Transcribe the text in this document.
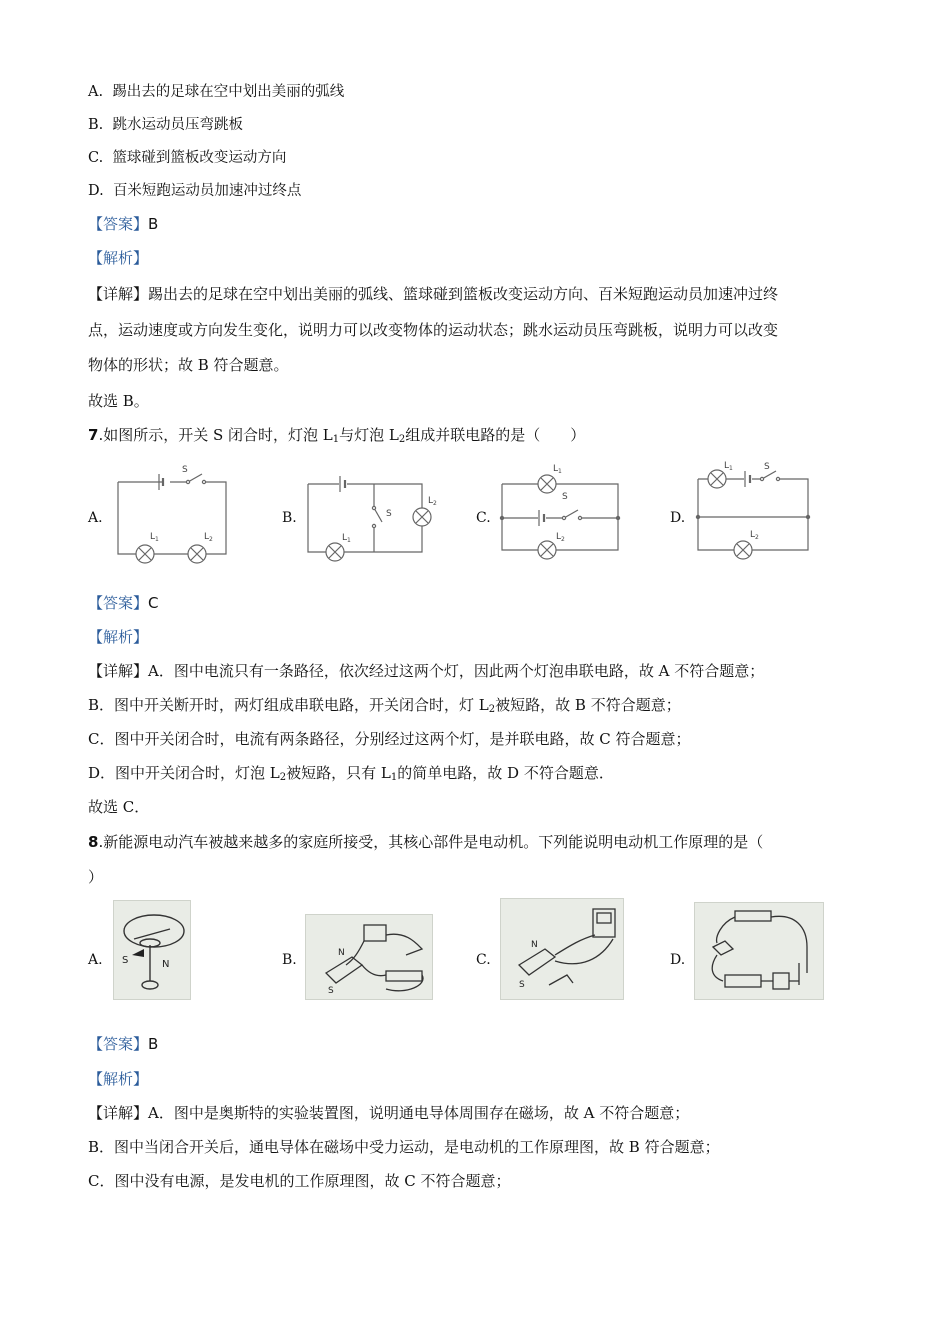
A. 踢出去的足球在空中划出美丽的弧线
B. 跳水运动员压弯跳板
C. 篮球碰到篮板改变运动方向
D. 百米短跑运动员加速冲过终点
【答案】B
【解析】
【详解】踢出去的足球在空中划出美丽的弧线、篮球碰到篮板改变运动方向、百米短跑运动员加速冲过终
点，运动速度或方向发生变化，说明力可以改变物体的运动状态；跳水运动员压弯跳板，说明力可以改变
物体的形状；故 B 符合题意。
故选 B。
7.如图所示，开关 S 闭合时，灯泡 $L_1$与灯泡 $L_2$组成并联电路的是（　　）
A.
S
$L_1$	$L_2$
B.	S
$L_1$
$L_2$
C.
$L_1$
S
$L_2$
D.
$L_1$	S
$L_2$
【答案】C
【解析】
【详解】A．图中电流只有一条路径，依次经过这两个灯，因此两个灯泡串联电路，故 A 不符合题意；
B．图中开关断开时，两灯组成串联电路，开关闭合时，灯 $L_2$被短路，故 B 不符合题意；
C．图中开关闭合时，电流有两条路径，分别经过这两个灯，是并联电路，故 C 符合题意；
D．图中开关闭合时，灯泡 $L_2$被短路，只有 $L_1$的简单电路，故 D 不符合题意．
故选 C．
8.新能源电动汽车被越来越多的家庭所接受，其核心部件是电动机。下列能说明电动机工作原理的是（
）
A. S	N	B.	N
S
C.
N
S
D.
【答案】B
【解析】
【详解】A．图中是奥斯特的实验装置图，说明通电导体周围存在磁场，故 A 不符合题意；
B．图中当闭合开关后，通电导体在磁场中受力运动，是电动机的工作原理图，故 B 符合题意；
C．图中没有电源，是发电机的工作原理图，故 C 不符合题意；
